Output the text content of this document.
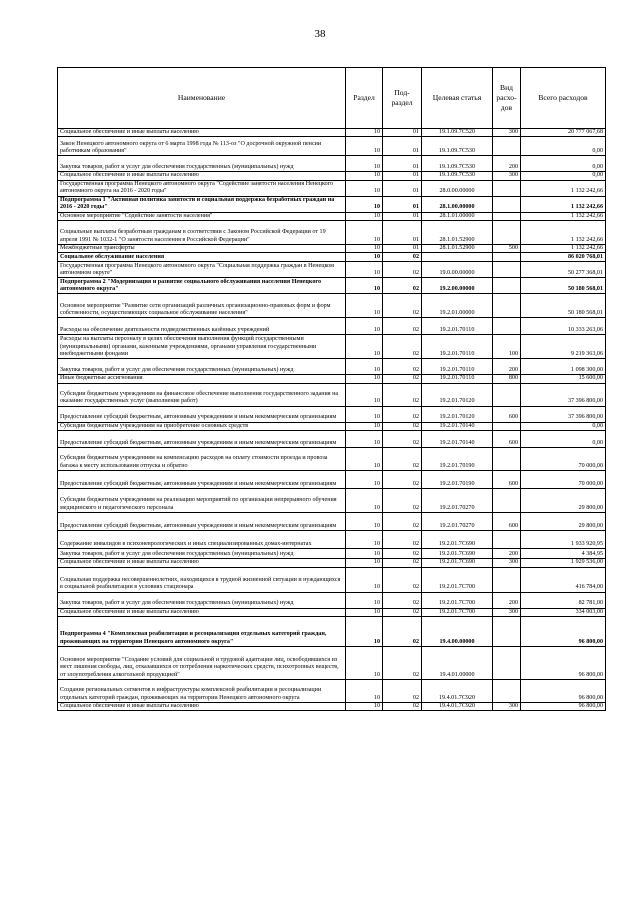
38
Наименование	Раздел	Под-раздел	Целевая статья	Вид расхо-дов	Всего расходов
Социальное обеспечение и иные выплаты населению	10	01	19.1.09.7С520	300	20 777 067,68
Закон Ненецкого автономного округа от 6 марта 1998 года № 113-оз "О досрочной окружной пенсии работникам образования"	10	01	19.1.09.7С530		0,00
Закупка товаров, работ и услуг для обеспечения государственных (муниципальных) нужд	10	01	19.1.09.7С530	200	0,00
Социальное обеспечение и иные выплаты населению	10	01	19.1.09.7С530	300	0,00
Государственная программа Ненецкого автономного округа "Содействие занятости населения Ненецкого автономного округа на 2016 - 2020 годы"	10	01	28.0.00.00000		1 132 242,66
Подпрограмма 1 "Активная политика занятости и социальная поддержка безработных граждан на 2016 - 2020 годы"	10	01	28.1.00.00000		1 132 242,66
Основное мероприятие "Содействие занятости населения"	10	01	28.1.01.00000		1 132 242,66
Социальные выплаты безработным гражданам в соответствии с Законом Российской Федерации от 19 апреля 1991 № 1032-1 "О занятости населения в Российской Федерации"	10	01	28.1.01.52900		1 132 242,66
Межбюджетные трансферты	10	01	28.1.01.52900	500	1 132 242,66
Социальное обслуживание населения	10	02			86 020 768,01
Государственная программа Ненецкого автономного округа "Социальная поддержка граждан в Ненецком автономном округе"	10	02	19.0.00.00000		50 277 368,01
Подпрограмма 2 "Модернизация и развитие социального обслуживания населения Ненецкого автономного округа"	10	02	19.2.00.00000		50 180 568,01
Основное мероприятие "Развитие сети организаций различных организационно-правовых форм и форм собственности, осуществляющих социальное обслуживание населения"	10	02	19.2.01.00000		50 180 568,01
Расходы на обеспечение деятельности подведомственных казённых учреждений	10	02	19.2.01.70110		10 333 263,06
Расходы на выплаты персоналу в целях обеспечения выполнения функций государственными (муниципальными) органами, казенными учреждениями, органами управления государственными внебюджетными фондами	10	02	19.2.01.70110	100	9 219 363,06
Закупка товаров, работ и услуг для обеспечения государственных (муниципальных) нужд	10	02	19.2.01.70110	200	1 098 300,00
Иные бюджетные ассигнования	10	02	19.2.01.70110	800	15 600,00
Субсидии бюджетным учреждениям на финансовое обеспечение выполнения государственного задания на оказание государственных услуг (выполнение работ)	10	02	19.2.01.70120		37 396 800,00
Предоставление субсидий бюджетным, автономным учреждениям и иным некоммерческим организациям	10	02	19.2.01.70120	600	37 396 800,00
Субсидии бюджетным учреждениям на приобретение основных средств	10	02	19.2.01.70140		0,00
Предоставление субсидий бюджетным, автономным учреждениям и иным некоммерческим организациям	10	02	19.2.01.70140	600	0,00
Субсидии бюджетным учреждениям на компенсацию расходов на оплату стоимости проезда и провоза багажа к месту использования отпуска и обратно	10	02	19.2.01.70190		70 000,00
Предоставление субсидий бюджетным, автономным учреждениям и иным некоммерческим организациям	10	02	19.2.01.70190	600	70 000,00
Субсидии бюджетным учреждениям на реализацию мероприятий по организации непрерывного обучения медицинского и педагогического персонала	10	02	19.2.01.70270		29 800,00
Предоставление субсидий бюджетным, автономным учреждениям и иным некоммерческим организациям	10	02	19.2.01.70270	600	29 800,00
Содержание инвалидов в психоневрологических и иных специализированных домах-интернатах	10	02	19.2.01.7С690		1 933 920,95
Закупка товаров, работ и услуг для обеспечения государственных (муниципальных) нужд	10	02	19.2.01.7С690	200	4 384,95
Социальное обеспечение и иные выплаты населению	10	02	19.2.01.7С690	300	1 929 536,00
Социальная поддержка несовершеннолетних, находящихся в трудной жизненной ситуации и нуждающихся в социальной реабилитации в условиях стационара	10	02	19.2.01.7С700		416 784,00
Закупка товаров, работ и услуг для обеспечения государственных (муниципальных) нужд	10	02	19.2.01.7С700	200	82 781,00
Социальное обеспечение и иные выплаты населению	10	02	19.2.01.7С700	300	334 003,00
Подпрограмма 4 "Комплексная реабилитация и ресоциализация отдельных категорий граждан, проживающих на территории Ненецкого автономного округа"	10	02	19.4.00.00000		96 800,00
Основное мероприятие "Создание условий для социальной и трудовой адаптации лиц, освободившихся из мест лишения свободы, лиц, отказавшихся от потребления наркотических средств, психотропных веществ, от злоупотребления алкогольной продукцией"	10	02	19.4.01.00000		96 800,00
Создание региональных сегментов в инфраструктуры комплексной реабилитации и ресоциализации отдельных категорий граждан, проживающих на территории Ненецкого автономного округа	10	02	19.4.01.7С920		96 800,00
Социальное обеспечение и иные выплаты населению	10	02	19.4.01.7С920	300	96 800,00
